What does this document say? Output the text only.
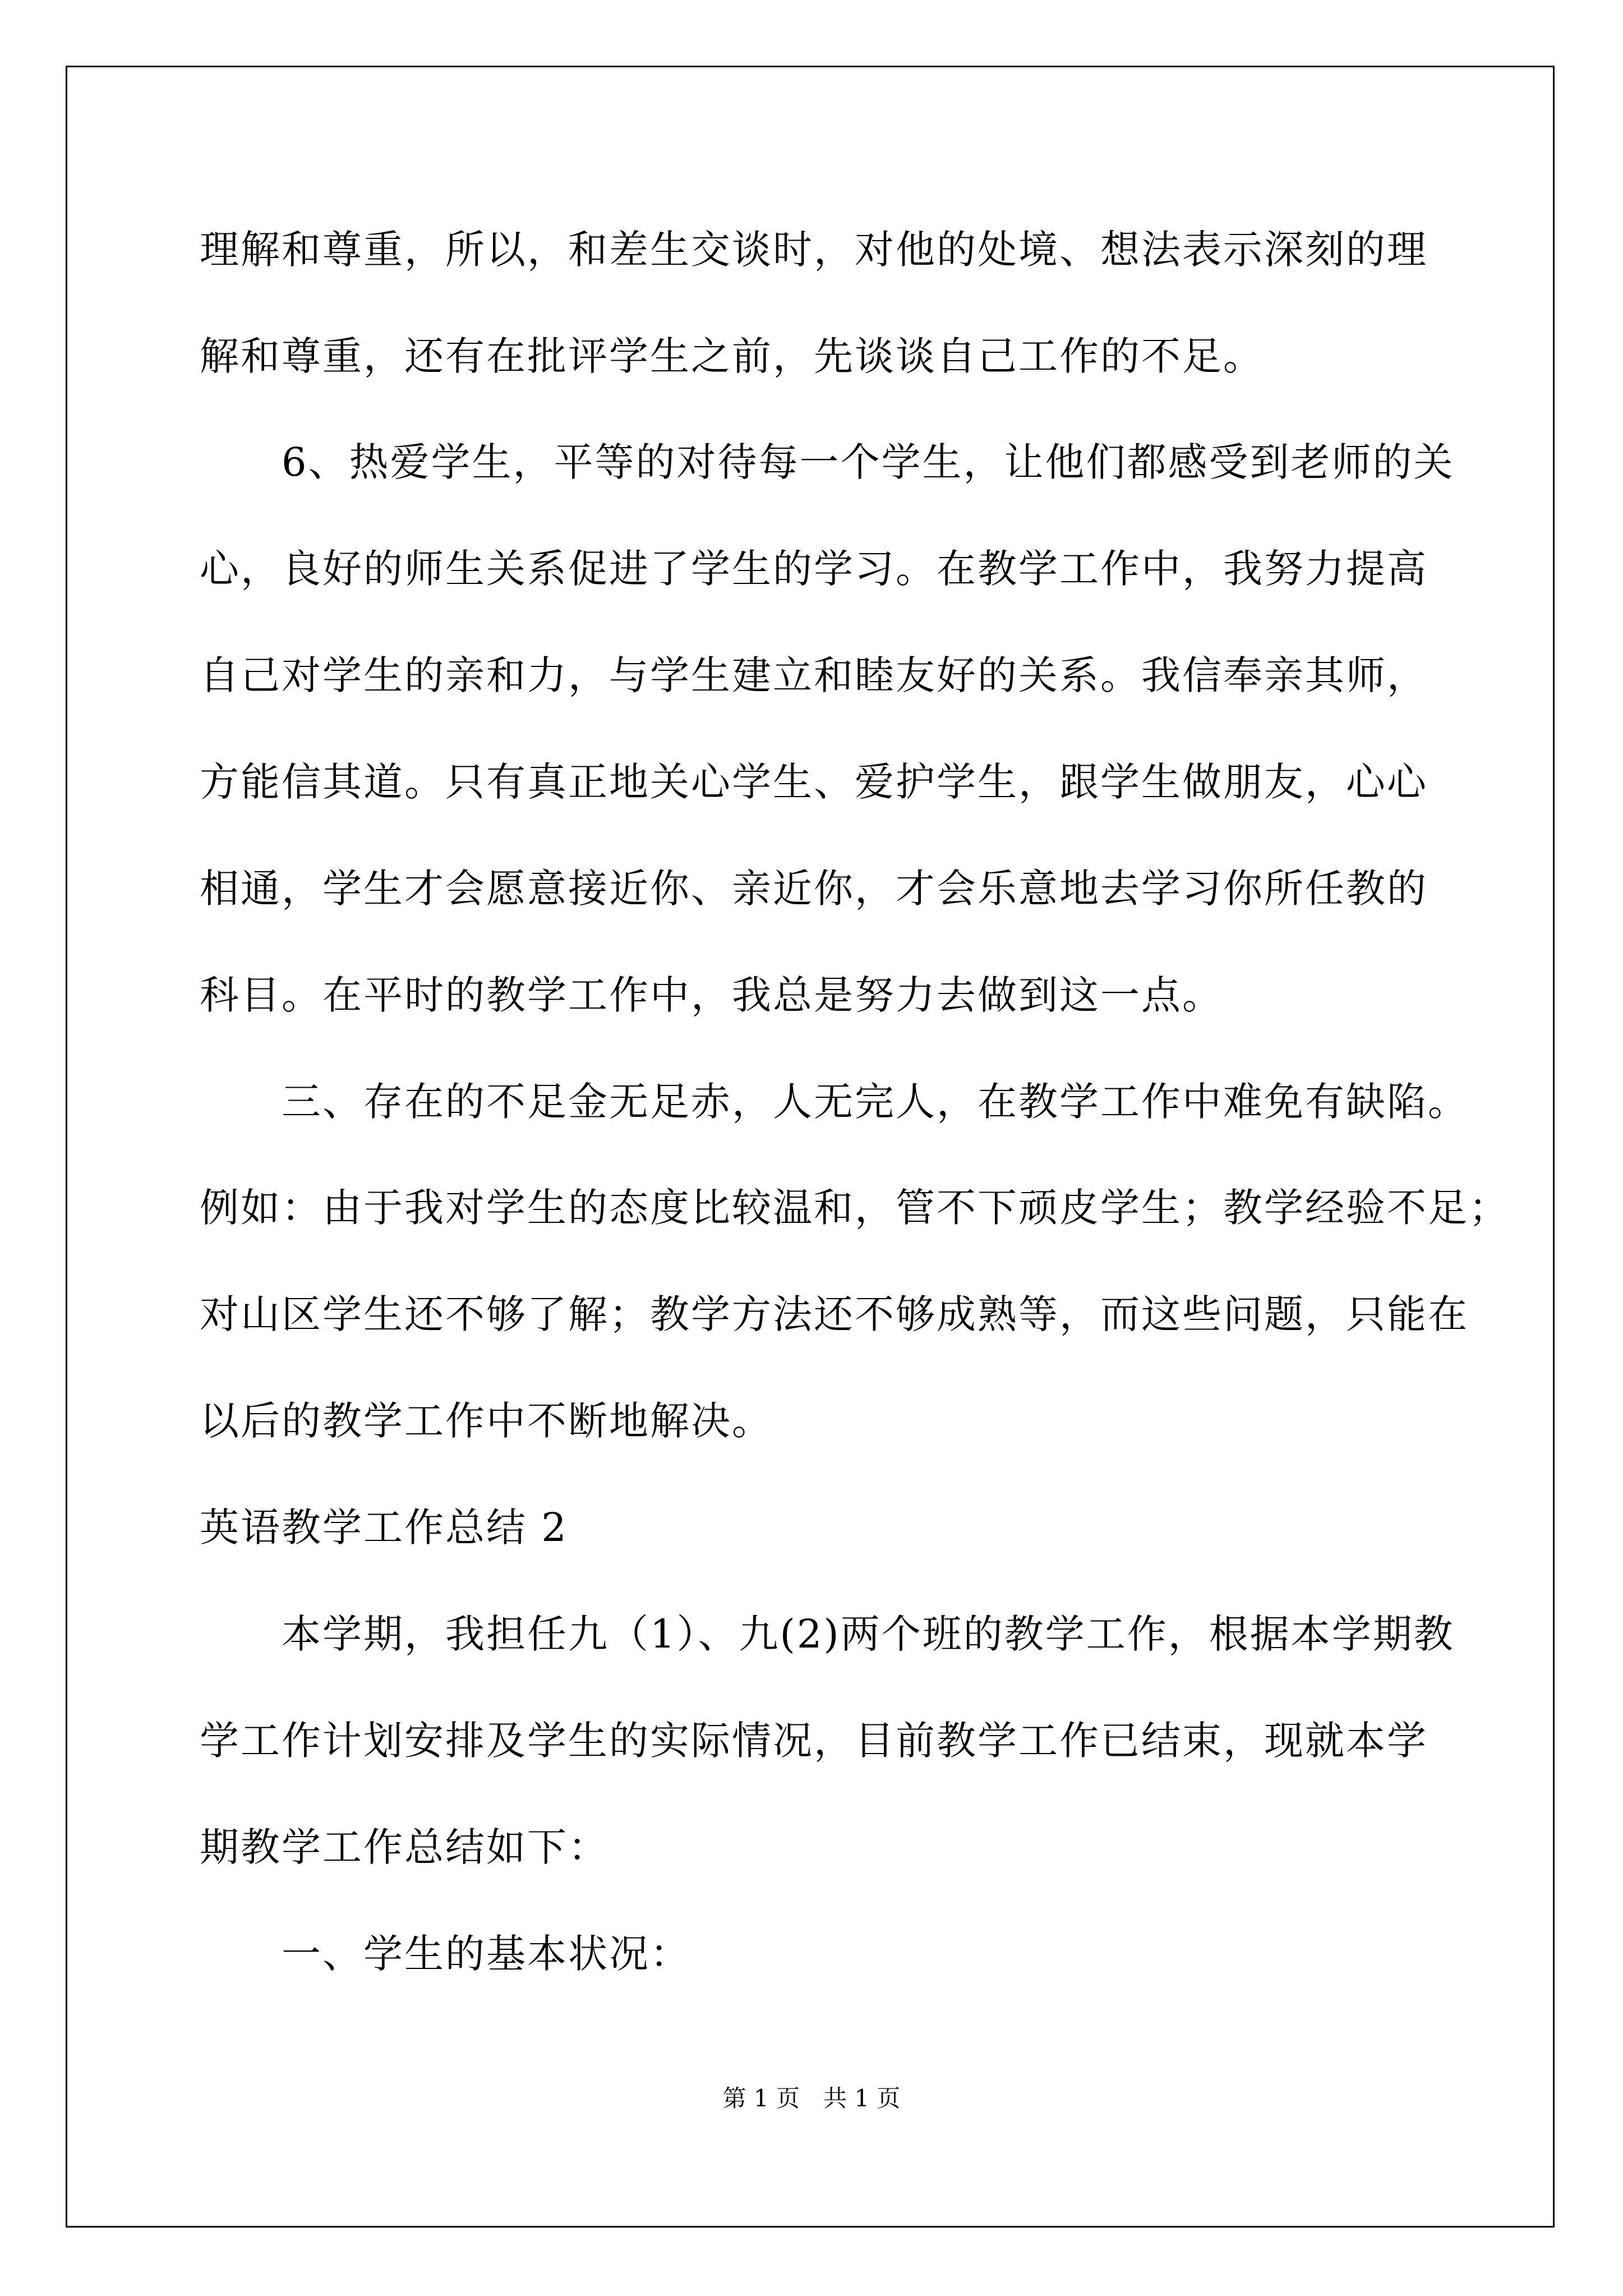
理解和尊重，所以，和差生交谈时，对他的处境、想法表示深刻的理
解和尊重，还有在批评学生之前，先谈谈自己工作的不足。
　　6、热爱学生，平等的对待每一个学生，让他们都感受到老师的关
心，良好的师生关系促进了学生的学习。在教学工作中，我努力提高
自己对学生的亲和力，与学生建立和睦友好的关系。我信奉亲其师，
方能信其道。只有真正地关心学生、爱护学生，跟学生做朋友，心心
相通，学生才会愿意接近你、亲近你，才会乐意地去学习你所任教的
科目。在平时的教学工作中，我总是努力去做到这一点。
　　三、存在的不足金无足赤，人无完人，在教学工作中难免有缺陷。
例如：由于我对学生的态度比较温和，管不下顽皮学生；教学经验不足；
对山区学生还不够了解；教学方法还不够成熟等，而这些问题，只能在
以后的教学工作中不断地解决。
英语教学工作总结 2
　　本学期，我担任九（1）、九(2)两个班的教学工作，根据本学期教
学工作计划安排及学生的实际情况，目前教学工作已结束，现就本学
期教学工作总结如下：
　　一、学生的基本状况：
第 1 页　共 1 页
